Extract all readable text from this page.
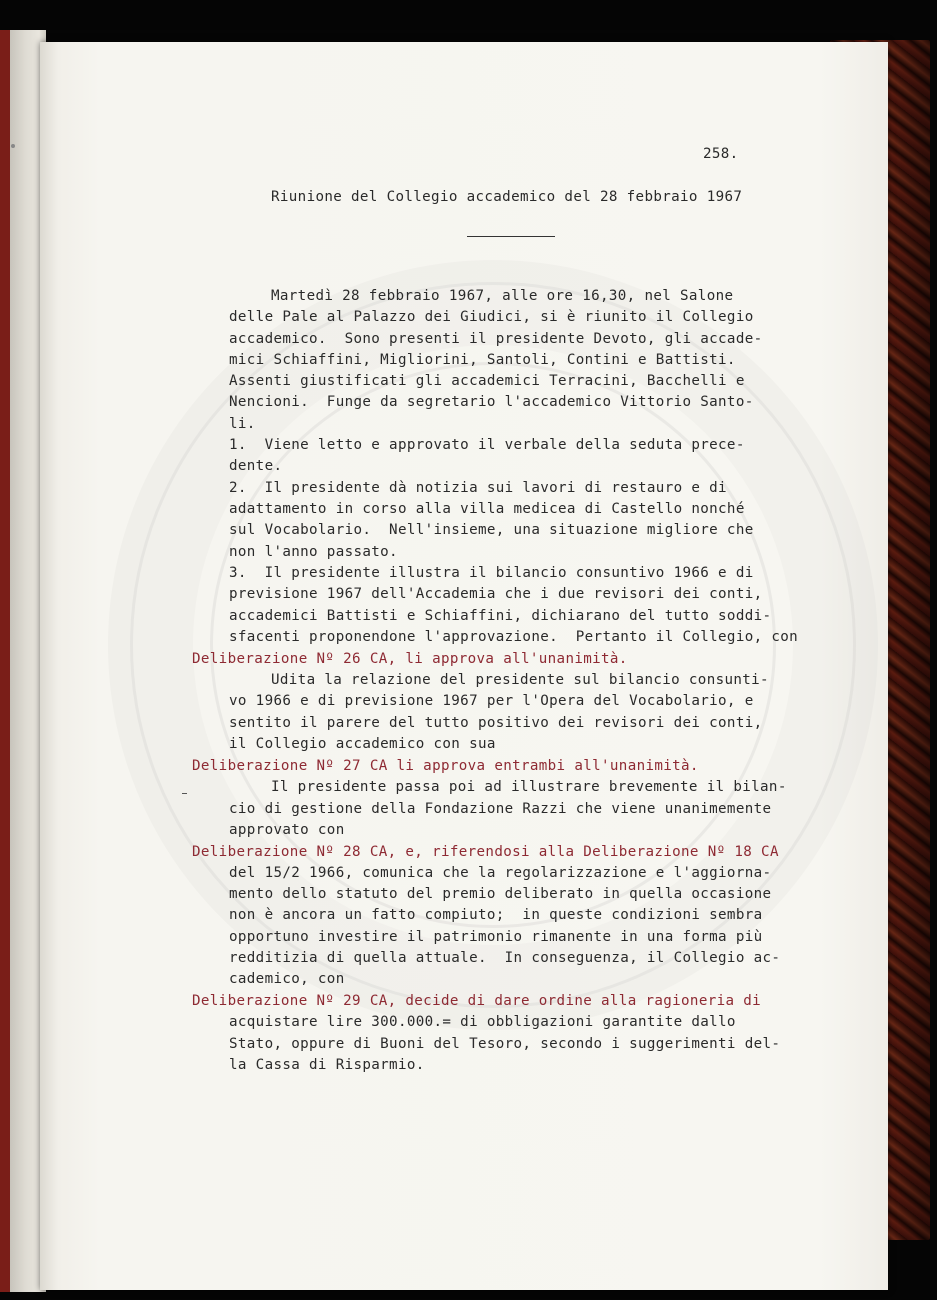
258.

Riunione del Collegio accademico del 28 febbraio 1967

Martedì 28 febbraio 1967, alle ore 16,30, nel Salone

delle Pale al Palazzo dei Giudici, si è riunito il Collegio

accademico.  Sono presenti il presidente Devoto, gli accade-

mici Schiaffini, Migliorini, Santoli, Contini e Battisti.

Assenti giustificati gli accademici Terracini, Bacchelli e

Nencioni.  Funge da segretario l'accademico Vittorio Santo-

li.

1.  Viene letto e approvato il verbale della seduta prece-

dente.

2.  Il presidente dà notizia sui lavori di restauro e di

adattamento in corso alla villa medicea di Castello nonché

sul Vocabolario.  Nell'insieme, una situazione migliore che

non l'anno passato.

3.  Il presidente illustra il bilancio consuntivo 1966 e di

previsione 1967 dell'Accademia che i due revisori dei conti,

accademici Battisti e Schiaffini, dichiarano del tutto soddi-

sfacenti proponendone l'approvazione.  Pertanto il Collegio, con

Deliberazione Nº 26 CA, li approva all'unanimità.

Udita la relazione del presidente sul bilancio consunti-

vo 1966 e di previsione 1967 per l'Opera del Vocabolario, e

sentito il parere del tutto positivo dei revisori dei conti,

il Collegio accademico con sua

Deliberazione Nº 27 CA li approva entrambi all'unanimità.

Il presidente passa poi ad illustrare brevemente il bilan-

cio di gestione della Fondazione Razzi che viene unanimemente

approvato con

Deliberazione Nº 28 CA, e, riferendosi alla Deliberazione Nº 18 CA

del 15/2 1966, comunica che la regolarizzazione e l'aggiorna-

mento dello statuto del premio deliberato in quella occasione

non è ancora un fatto compiuto;  in queste condizioni sembra

opportuno investire il patrimonio rimanente in una forma più

redditizia di quella attuale.  In conseguenza, il Collegio ac-

cademico, con

Deliberazione Nº 29 CA, decide di dare ordine alla ragioneria di

acquistare lire 300.000.= di obbligazioni garantite dallo

Stato, oppure di Buoni del Tesoro, secondo i suggerimenti del-

la Cassa di Risparmio.
